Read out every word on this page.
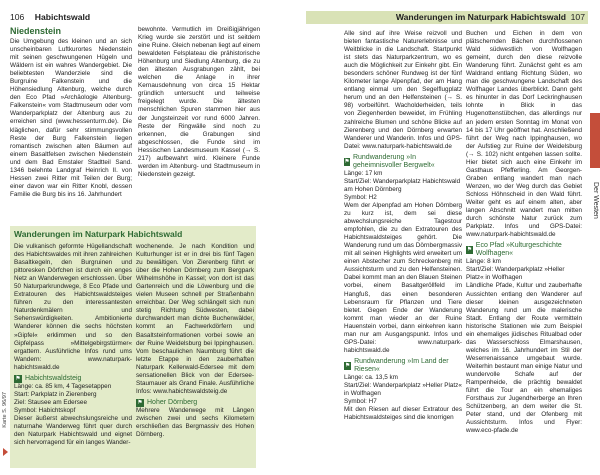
106 Habichtswald
Niedenstein

Die Umgebung des kleinen und an sich unscheinbaren Luftkurortes Niedenstein mit seinen geschwungenen Hügeln und Wäldern ist ein wahres Wandergebiet. Die beliebtesten Wanderziele sind die Burgruine Falkenstein und die Höhensiedlung Altenburg, welche durch den Eco Pfad »Archäologie Altenburg-Falkenstein« vom Stadtmuseum oder vom Wanderparkplatz der Altenburg aus zu erreichen sind (www.hessenturm.de). Die kläglichen, dafür sehr stimmungsvollen Reste der Burg Falkenstein liegen romantisch zwischen alten Bäumen auf einem Basaltfelsen zwischen Niedenstein und dem Bad Emstaler Stadtteil Sand. 1346 belehnte Landgraf Heinrich II. von Hessen zwei Ritter mit Teilen der Burg; einer davon war ein Ritter Knobl, dessen Familie die Burg bis ins 16. Jahrhundert

bewohnte. Vermutlich im Dreißigjährigen Krieg wurde sie zerstört und ist seitdem eine Ruine. Gleich nebenan liegt auf einem bewaldeten Felsplateau die prähistorische Höhenburg und Siedlung Altenburg, die zu den ältesten Ausgrabungen zählt, bei welchen die Anlage in ihrer Kernausdehnung von circa 15 Hektar gründlich untersucht und teilweise freigelegt wurde. Die ältesten menschlichen Spuren stammen hier aus der Jungsteinzeit vor rund 6000 Jahren. Reste der Ringwälle sind noch zu erkennen, die Grabungen sind abgeschlossen, die Funde sind im Hessischen Landesmuseum Kassel (→ S. 217) aufbewahrt wird. Kleinere Funde werden im Altenburg- und Stadtmuseum in Niedenstein gezeigt.

Wanderungen im Naturpark Habichtswald

Die vulkanisch geformte Hügellandschaft des Habichtswaldes mit ihren zahlreichen Basaltkegeln, den Burgruinen und pittoresken Dörfchen ist durch ein enges Netz an Wanderwegen erschlossen. Über 50 Naturparkrundwege, 8 Eco Pfade und Extratouren des Habichtswaldsteiges führen zu den interessantesten Naturdenkmälern und Sehenswürdigkeiten. Ambitionierte Wanderer können die sechs höchsten »Gipfel« erklimmen und so den Gipfelpass »Mittelgebirgstürmer« ergattern. Ausführliche Infos rund ums Wandern: www.naturpark-habichtswald.de

⚑ Habichtswaldsteig

Länge: ca. 85 km, 4 Tagesetappen
Start: Parkplatz in Zierenberg
Ziel: Stausee am Edersee
Symbol: Habichtskopf

Dieser äußerst abwechslungsreiche und naturnahe Wanderweg führt quer durch den Naturpark Habichtswald und eignet sich hervorragend für ein langes Wander-

wochenende. Je nach Kondition und Kulturhunger ist er in drei bis fünf Tagen zu bewältigen. Von Zierenberg führt er über die Hohen Dörnberg zum Bergpark Wilhelmshöhe in Kassel; von dort ist das Gartenreich und die Löwenburg und die vielen Museen schnell per Straßenbahn erreichbar. Der Weg schlängelt sich nun stetig Richtung Südwesten, dabei durchwandert man dichte Buchenwälder, kommt an Fachwerkdörfern und Basaltsteinformationen vorbei sowie an der Ruine Weidelsburg bei Ippinghausen. Vom beschaulichen Naumburg führt die letzte Etappe in den zauberhaften Naturpark Kellerwald-Edersee mit dem sensationellen Blick von der Edersee-Staumauer als Grand Finale. Ausführliche Infos: www.habichtswaldsteig.de

⚑ Hoher Dörnberg

Mehrere Wanderwege mit Längen zwischen zwei und sechs Kilometern erschließen das Bergmassiv des Hohen Dörnberg.

Karte S. 96/97
Wanderungen im Naturpark Habichtswald 107

Alle sind auf ihre Weise reizvoll und bieten fantastische Naturerlebnisse und Weitblicke in die Landschaft. Startpunkt ist stets das Naturparkzentrum, wo es auch die Möglichkeit zur Einkehr gibt. Ein besonders schöner Rundweg ist der fünf Kilometer lange Alpenpfad, der am Hang entlang einmal um den Segelflugplatz herum und an den Helfensteinen (→ S. 98) vorbeiführt. Wacholderheiden, teils von Ziegenherden beweidet, im Frühling zahlreiche Blumen und schöne Blicke auf Zierenberg und den Dörnberg erwarten Wanderer und Wanderin. Infos und GPS-Datei: www.naturpark-habichtswald.de

⚑
Rundwanderung »In geheimnisvoller Bergwelt«

Länge: 17 km
Start/Ziel: Wanderparkplatz Habichtswald am Hohen Dörnberg
Symbol: H2

Wem der Alpenpfad am Hohen Dörnberg zu kurz ist, dem sei diese abwechslungsreiche Tagestour empfohlen, die zu den Extratouren des Habichtswaldsteiges gehört. Die Wanderung rund um das Dörnbergmassiv mit all seinen Highlights wird erweitert um einen Abstecher zum Schreckenberg mit Aussichtsturm und zu den Helfensteinen. Dabei kommt man an den Blauen Steinen vorbei, einem Basaltgeröllfeld im Hangfuß, das einen besonderen Lebensraum für Pflanzen und Tiere bietet. Gegen Ende der Wanderung kommt man wieder an der Ruine Hauenstein vorbei, dann einkehren kann man nur am Ausgangspunkt. Infos und GPS-Datei: www.naturpark-habichtswald.de

⚑
Rundwanderung »Im Land der Riesen«

Länge: ca. 13,5 km
Start/Ziel: Wanderparkplatz »Heller Platz« in Wolfhagen
Symbol: H7

Mit den Riesen auf dieser Extratour des Habichtswaldsteiges sind die knorrigen

Buchen und Eichen in dem von plätschernden Bächen durchflossenen Wald südwestlich von Wolfhagen gemeint, durch den diese reizvolle Wanderung führt. Zunächst geht es am Waldrand entlang Richtung Süden, wo man die geschwungene Landschaft des Wolfhager Landes überblickt. Dann geht es hinunter in das Dorf Leckringhausen lohnte in Blick in das Hugenottenstübchen, das allerdings nur an jedem ersten Sonntag im Monat von 14 bis 17 Uhr geöffnet hat. Anschließend führt der Weg nach Ippinghausen, wo der Aufstieg zur Ruine der Weidelsburg (→ S. 102) nicht entgehen lassen sollte. Hier bietet sich auch eine Einkehr im Gasthaus Pfefferling. Am Georgen-Graben entlang wandert man nach Wenzen, wo der Weg durch das Gebiet Schloss Höhnscheid in den Wald führt. Weiter geht es auf einem alten, aber langen Abschnitt wandert man mitten durch schönste Natur zurück zum Parkplatz. Infos und GPS-Datei: www.naturpark-habichtswald.de

⚑
Eco Pfad »Kulturgeschichte Wolfhagen«

Länge: 8 km
Start/Ziel: Wanderparkplatz »Heller Platz« in Wolfhagen

Ländliche Pfade, Kultur und zauberhafte Aussichten entlang den Wanderer auf dieser kleinen ausgezeichneten Wanderung rund um die malerische Stadt. Entlang der Route vermitteln historische Stationen wie zum Beispiel ein ehemaliges jüdisches Ritualbad oder das Wasserschloss Elmarshausen, welches im 16. Jahrhundert im Stil der Weserrenaissance umgebaut wurde. Weiterhin bestaunt man einige Natur und wundervolle Schafe auf der Rampenheide, die prächtig bewaldet führt die Tour an ein ehemaliges Forsthaus zur Jugendherberge an Ihren Schützenberg, an dem weiter die St. Peter stand, und der Ofenberg mit Aussichtsturm. Infos und Flyer: www.eco-pfade.de

Der Westen
